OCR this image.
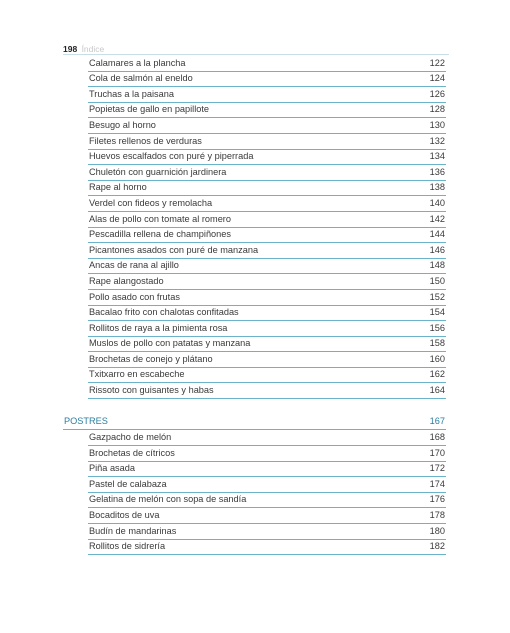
198 Índice
Calamares a la plancha	122
Cola de salmón al eneldo	124
Truchas a la paisana	126
Popietas de gallo en papillote	128
Besugo al horno	130
Filetes rellenos de verduras	132
Huevos escalfados con puré y piperrada	134
Chuletón con guarnición jardinera	136
Rape al horno	138
Verdel con fideos y remolacha	140
Alas de pollo con tomate al romero	142
Pescadilla rellena de champiñones	144
Picantones asados con puré de manzana	146
Ancas de rana al ajillo	148
Rape alangostado	150
Pollo asado con frutas	152
Bacalao frito con chalotas confitadas	154
Rollitos de raya a la pimienta rosa	156
Muslos de pollo con patatas y manzana	158
Brochetas de conejo y plátano	160
Txitxarro en escabeche	162
Rissoto con guisantes y habas	164
POSTRES	167
Gazpacho de melón	168
Brochetas de cítricos	170
Piña asada	172
Pastel de calabaza	174
Gelatina de melón con sopa de sandía	176
Bocaditos de uva	178
Budín de mandarinas	180
Rollitos de sidrería	182
